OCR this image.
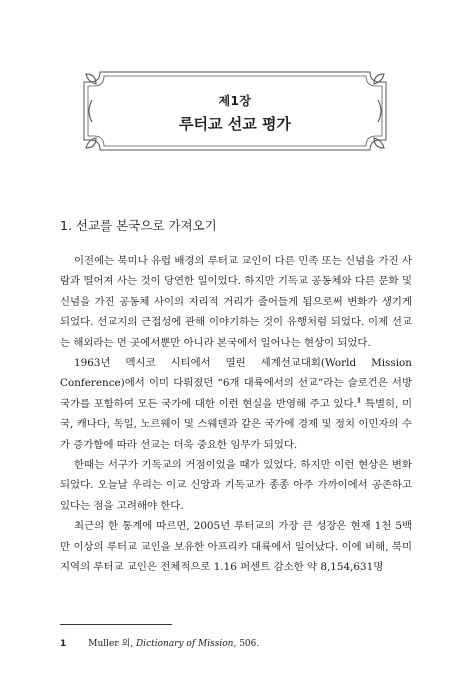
제1장
루터교 선교 평가
1. 선교를 본국으로 가져오기

이전에는 북미나 유럽 배경의 루터교 교인이 다른 민족 또는 신념을 가진 사람과 떨어져 사는 것이 당연한 일이었다. 하지만 기독교 공동체와 다른 문화 및 신념을 가진 공동체 사이의 지리적 거리가 줄어들게 됨으로써 변화가 생기게 되었다. 선교지의 근접성에 관해 이야기하는 것이 유행처럼 되었다. 이제 선교는 해외라는 먼 곳에서뿐만 아니라 본국에서 일어나는 현상이 되었다.

1963년 멕시코 시티에서 열린 세계선교대회(World Mission Conference)에서 이미 다뤄졌던 “6개 대륙에서의 선교”라는 슬로건은 서방 국가를 포함하여 모든 국가에 대한 이런 현실을 반영해 주고 있다.$^1$ 특별히, 미국, 캐나다, 독일, 노르웨이 및 스웨덴과 같은 국가에 경제 및 정치 이민자의 수가 증가함에 따라 선교는 더욱 중요한 임무가 되었다.

한때는 서구가 기독교의 거점이었을 때가 있었다. 하지만 이런 현상은 변화되었다. 오늘날 우리는 이교 신앙과 기독교가 종종 아주 가까이에서 공존하고 있다는 점을 고려해야 한다.

최근의 한 통계에 따르면, 2005년 루터교의 가장 큰 성장은 현재 1천 5백만 이상의 루터교 교인을 보유한 아프리카 대륙에서 일어났다. 이에 비해, 북미 지역의 루터교 교인은 전체적으로 1.16 퍼센트 감소한 약 8,154,631명

1 Muller 외, Dictionary of Mission, 506.
